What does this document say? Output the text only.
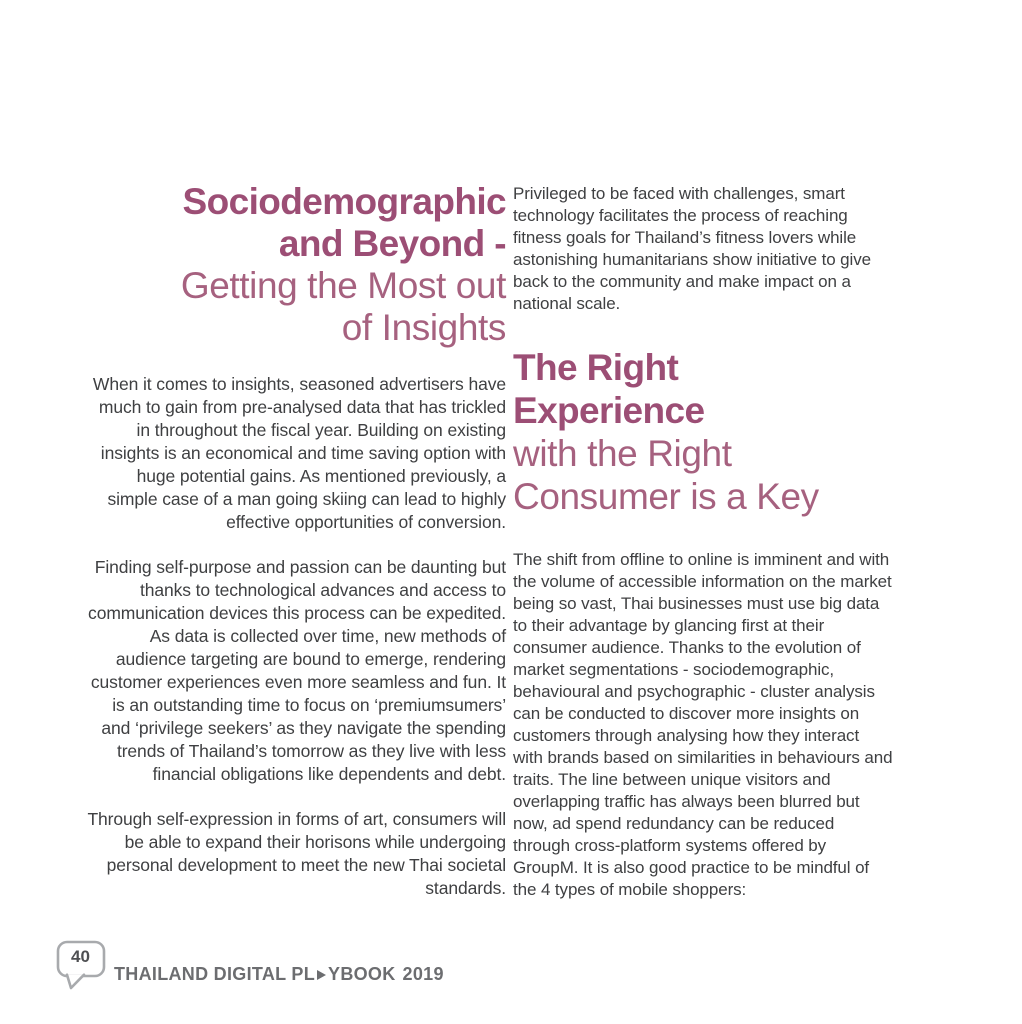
Sociodemographic
and Beyond -
Getting the Most out
of Insights

When it comes to insights, seasoned advertisers have much to gain from pre-analysed data that has trickled in throughout the fiscal year. Building on existing insights is an economical and time saving option with huge potential gains. As mentioned previously, a simple case of a man going skiing can lead to highly effective opportunities of conversion.

Finding self-purpose and passion can be daunting but thanks to technological advances and access to communication devices this process can be expedited. As data is collected over time, new methods of audience targeting are bound to emerge, rendering customer experiences even more seamless and fun. It is an outstanding time to focus on ‘premiumsumers’ and ‘privilege seekers’ as they navigate the spending trends of Thailand’s tomorrow as they live with less financial obligations like dependents and debt.

Through self-expression in forms of art, consumers will be able to expand their horisons while undergoing personal development to meet the new Thai societal standards.

Privileged to be faced with challenges, smart technology facilitates the process of reaching fitness goals for Thailand’s fitness lovers while astonishing humanitarians show initiative to give back to the community and make impact on a national scale.

The Right
Experience
with the Right
Consumer is a Key

The shift from offline to online is imminent and with the volume of accessible information on the market being so vast, Thai businesses must use big data to their advantage by glancing first at their consumer audience. Thanks to the evolution of market segmentations - sociodemographic, behavioural and psychographic - cluster analysis can be conducted to discover more insights on customers through analysing how they interact with brands based on similarities in behaviours and traits. The line between unique visitors and overlapping traffic has always been blurred but now, ad spend redundancy can be reduced through cross-platform systems offered by GroupM. It is also good practice to be mindful of the 4 types of mobile shoppers:

40
THAILAND DIGITAL PL YBOOK 2019
